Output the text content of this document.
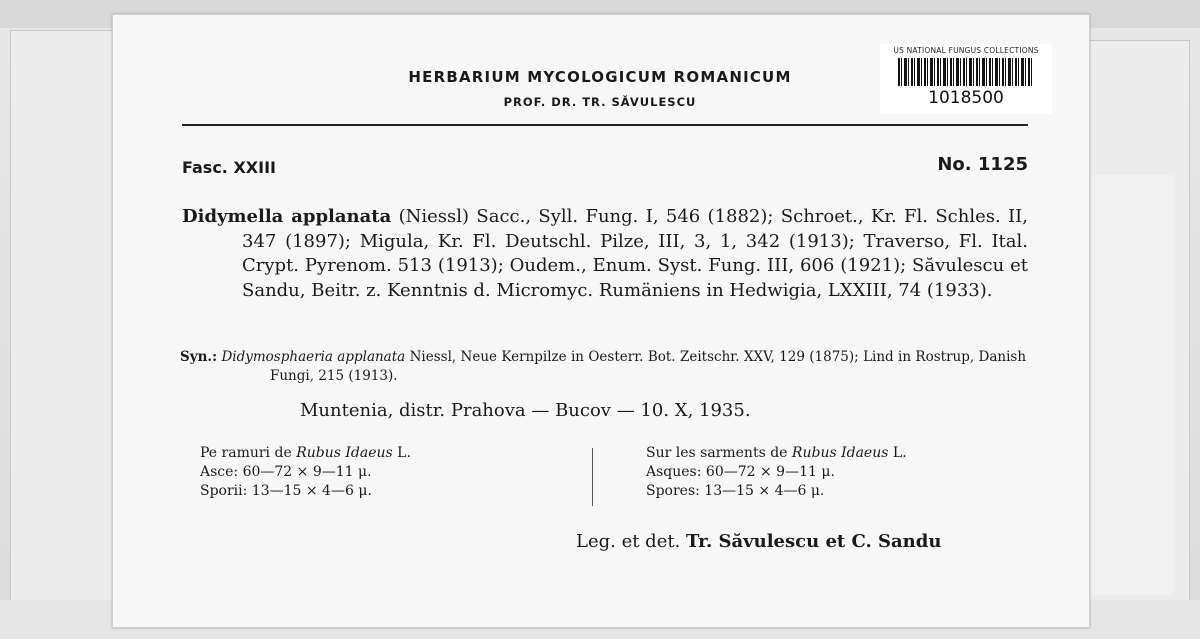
US NATIONAL FUNGUS COLLECTIONS
1018500
HERBARIUM MYCOLOGICUM ROMANICUM
PROF. DR. TR. SĂVULESCU
Fasc. XXIII	No. 1125

Didymella applanata (Niessl) Sacc., Syll. Fung. I, 546 (1882); Schroet., Kr. Fl. Schles. II, 347 (1897); Migula, Kr. Fl. Deutschl. Pilze, III, 3, 1, 342 (1913); Traverso, Fl. Ital. Crypt. Pyrenom. 513 (1913); Oudem., Enum. Syst. Fung. III, 606 (1921); Săvulescu et Sandu, Beitr. z. Kenntnis d. Micromyc. Rumäniens in Hedwigia, LXXIII, 74 (1933).

Syn.: Didymosphaeria applanata Niessl, Neue Kernpilze in Oesterr. Bot. Zeitschr. XXV, 129 (1875); Lind in Rostrup, Danish Fungi, 215 (1913).

Muntenia, distr. Prahova — Bucov — 10. X, 1935.
Pe ramuri de Rubus Idaeus L.
Asce: 60—72 × 9—11 μ.
Sporii: 13—15 × 4—6 μ.
Sur les sarments de Rubus Idaeus L.
Asques: 60—72 × 9—11 μ.
Spores: 13—15 × 4—6 μ.
Leg. et det. Tr. Săvulescu et C. Sandu
